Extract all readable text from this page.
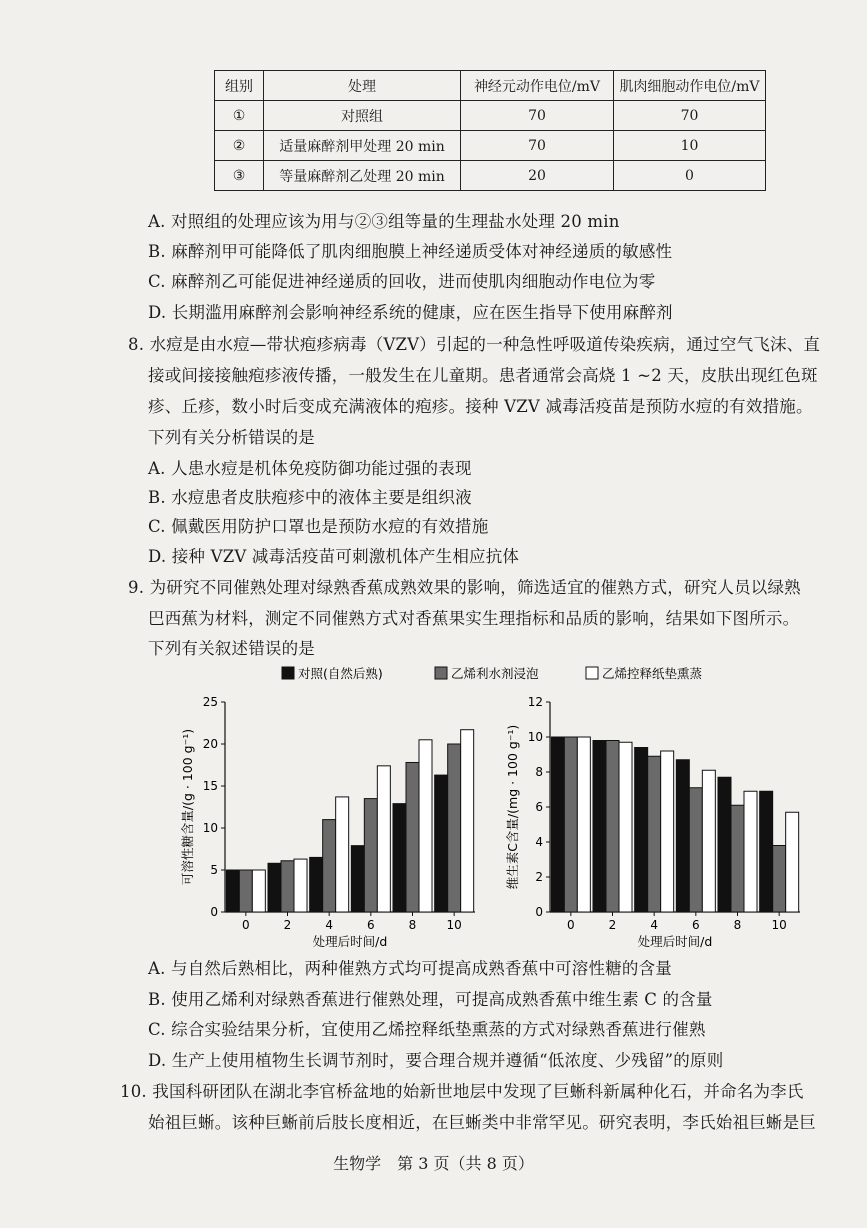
组别	处理	神经元动作电位/mV	肌肉细胞动作电位/mV
①	对照组	70	70
②	适量麻醉剂甲处理 20 min	70	10
③	等量麻醉剂乙处理 20 min	20	0
A. 对照组的处理应该为用与②③组等量的生理盐水处理 20 min
B. 麻醉剂甲可能降低了肌肉细胞膜上神经递质受体对神经递质的敏感性
C. 麻醉剂乙可能促进神经递质的回收，进而使肌肉细胞动作电位为零
D. 长期滥用麻醉剂会影响神经系统的健康，应在医生指导下使用麻醉剂
8. 水痘是由水痘—带状疱疹病毒（VZV）引起的一种急性呼吸道传染疾病，通过空气飞沫、直
接或间接接触疱疹液传播，一般发生在儿童期。患者通常会高烧 1 ~2 天，皮肤出现红色斑
疹、丘疹，数小时后变成充满液体的疱疹。接种 VZV 减毒活疫苗是预防水痘的有效措施。
下列有关分析错误的是
A. 人患水痘是机体免疫防御功能过强的表现
B. 水痘患者皮肤疱疹中的液体主要是组织液
C. 佩戴医用防护口罩也是预防水痘的有效措施
D. 接种 VZV 减毒活疫苗可刺激机体产生相应抗体
9. 为研究不同催熟处理对绿熟香蕉成熟效果的影响，筛选适宜的催熟方式，研究人员以绿熟
巴西蕉为材料，测定不同催熟方式对香蕉果实生理指标和品质的影响，结果如下图所示。
下列有关叙述错误的是
对照(自然后熟)	乙烯利水剂浸泡	乙烯控释纸垫熏蒸
0
5
10
15
20
25
0	2	4	6	8	10
处理后时间/d
可溶性糖含量/(g · 100 g⁻¹)
0
2
4
6
8
10
12
0	2	4	6	8	10
处理后时间/d
维生素C含量/(mg · 100 g⁻¹)
A. 与自然后熟相比，两种催熟方式均可提高成熟香蕉中可溶性糖的含量
B. 使用乙烯利对绿熟香蕉进行催熟处理，可提高成熟香蕉中维生素 C 的含量
C. 综合实验结果分析，宜使用乙烯控释纸垫熏蒸的方式对绿熟香蕉进行催熟
D. 生产上使用植物生长调节剂时，要合理合规并遵循“低浓度、少残留”的原则
10. 我国科研团队在湖北李官桥盆地的始新世地层中发现了巨蜥科新属种化石，并命名为李氏
始祖巨蜥。该种巨蜥前后肢长度相近，在巨蜥类中非常罕见。研究表明，李氏始祖巨蜥是巨
生物学　第 3 页（共 8 页）
